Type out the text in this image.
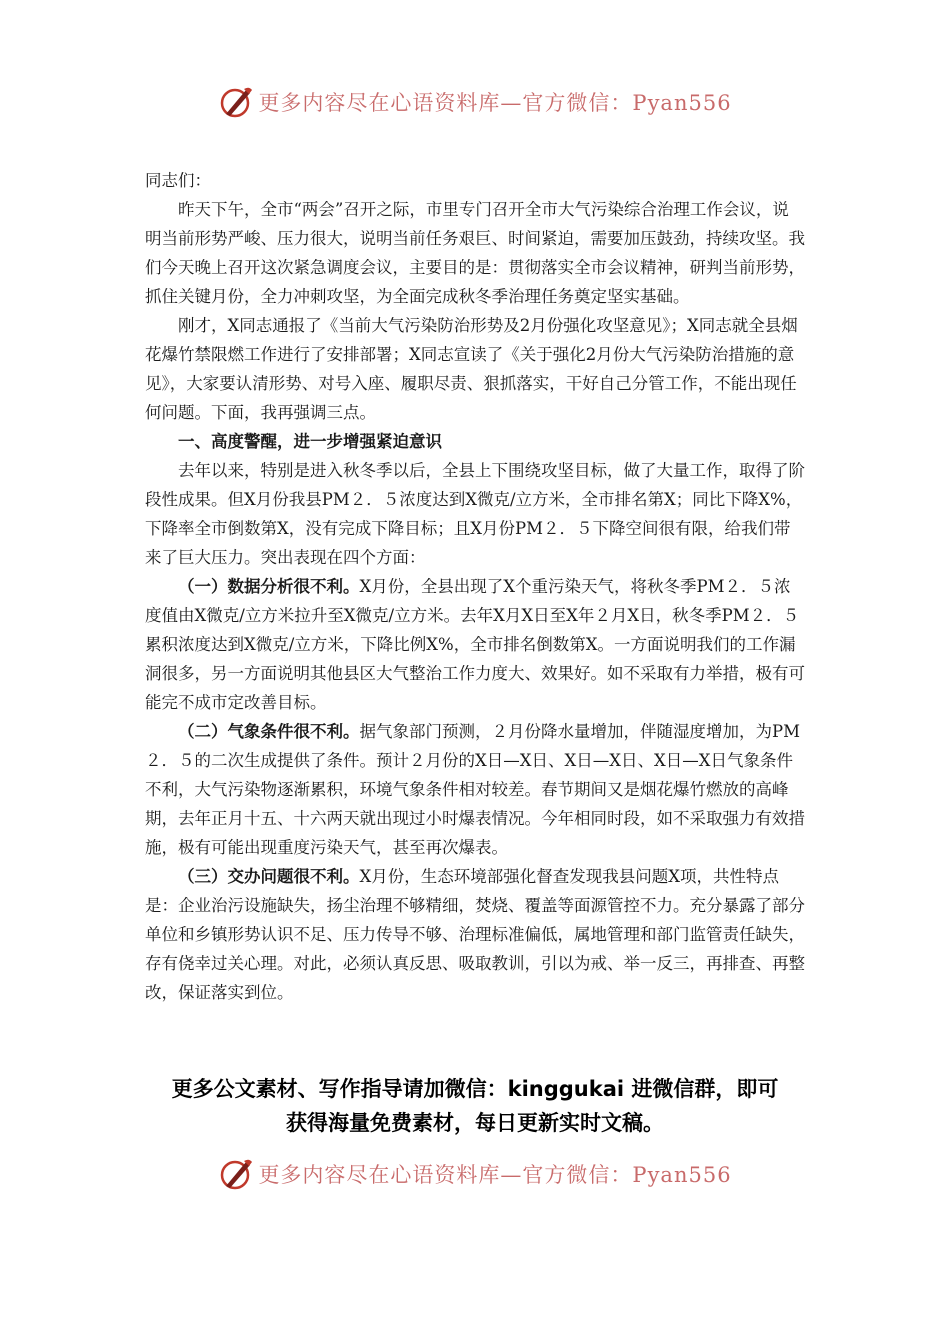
更多内容尽在心语资料库—官方微信：Pyan556

同志们：

昨天下午，全市“两会”召开之际，市里专门召开全市大气污染综合治理工作会议，说明当前形势严峻、压力很大，说明当前任务艰巨、时间紧迫，需要加压鼓劲，持续攻坚。我们今天晚上召开这次紧急调度会议，主要目的是：贯彻落实全市会议精神，研判当前形势，抓住关键月份，全力冲刺攻坚，为全面完成秋冬季治理任务奠定坚实基础。

刚才，X同志通报了《当前大气污染防治形势及2月份强化攻坚意见》；X同志就全县烟花爆竹禁限燃工作进行了安排部署；X同志宣读了《关于强化2月份大气污染防治措施的意见》，大家要认清形势、对号入座、履职尽责、狠抓落实，干好自己分管工作，不能出现任何问题。下面，我再强调三点。

一、高度警醒，进一步增强紧迫意识

去年以来，特别是进入秋冬季以后，全县上下围绕攻坚目标，做了大量工作，取得了阶段性成果。但X月份我县PM２．５浓度达到X微克/立方米，全市排名第X；同比下降X%，下降率全市倒数第X，没有完成下降目标；且X月份PM２．５下降空间很有限，给我们带来了巨大压力。突出表现在四个方面：

（一）数据分析很不利。X月份，全县出现了X个重污染天气，将秋冬季PM２．５浓度值由X微克/立方米拉升至X微克/立方米。去年X月X日至X年２月X日，秋冬季PM２．５累积浓度达到X微克/立方米，下降比例X%，全市排名倒数第X。一方面说明我们的工作漏洞很多，另一方面说明其他县区大气整治工作力度大、效果好。如不采取有力举措，极有可能完不成市定改善目标。

（二）气象条件很不利。据气象部门预测，２月份降水量增加，伴随湿度增加，为PM２．５的二次生成提供了条件。预计２月份的X日—X日、X日—X日、X日—X日气象条件不利，大气污染物逐渐累积，环境气象条件相对较差。春节期间又是烟花爆竹燃放的高峰期，去年正月十五、十六两天就出现过小时爆表情况。今年相同时段，如不采取强力有效措施，极有可能出现重度污染天气，甚至再次爆表。

（三）交办问题很不利。X月份，生态环境部强化督查发现我县问题X项，共性特点是：企业治污设施缺失，扬尘治理不够精细，焚烧、覆盖等面源管控不力。充分暴露了部分单位和乡镇形势认识不足、压力传导不够、治理标准偏低，属地管理和部门监管责任缺失，存有侥幸过关心理。对此，必须认真反思、吸取教训，引以为戒、举一反三，再排查、再整改，保证落实到位。

更多公文素材、写作指导请加微信：kinggukai 进微信群，即可
获得海量免费素材，每日更新实时文稿。
更多内容尽在心语资料库—官方微信：Pyan556
